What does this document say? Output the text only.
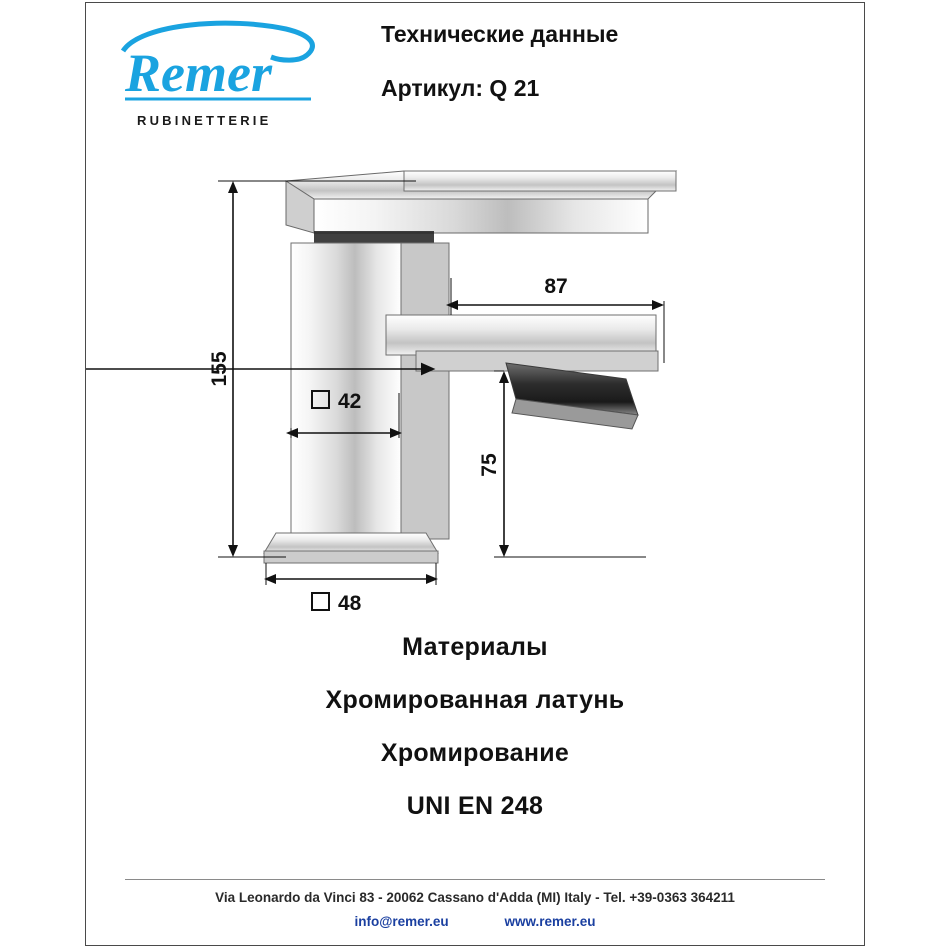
Remer
RUBINETTERIE
Технические данные
Артикул: Q 21
155
87
75
42
48
Материалы
Хромированная латунь
Хромирование
UNI EN 248
Via Leonardo da Vinci 83 - 20062 Cassano d'Adda (MI) Italy - Tel. +39-0363 364211
info@remer.eu	www.remer.eu
